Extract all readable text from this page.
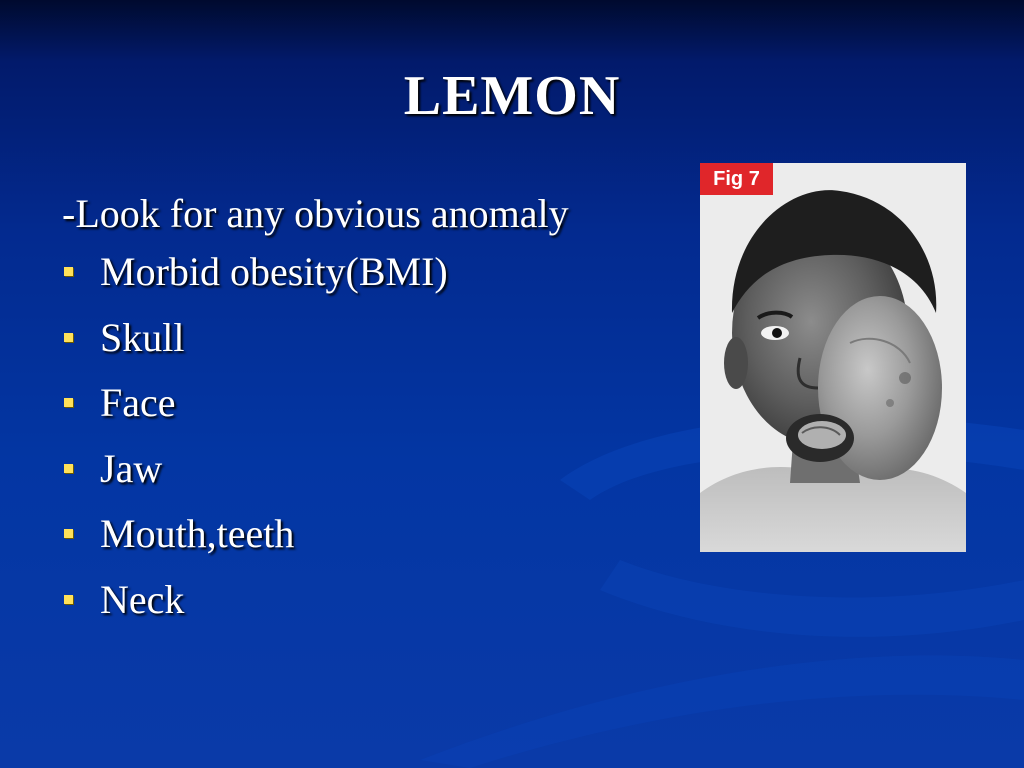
LEMON
-Look for any obvious anomaly
Morbid obesity(BMI)
Skull
Face
Jaw
Mouth,teeth
Neck
Fig 7
